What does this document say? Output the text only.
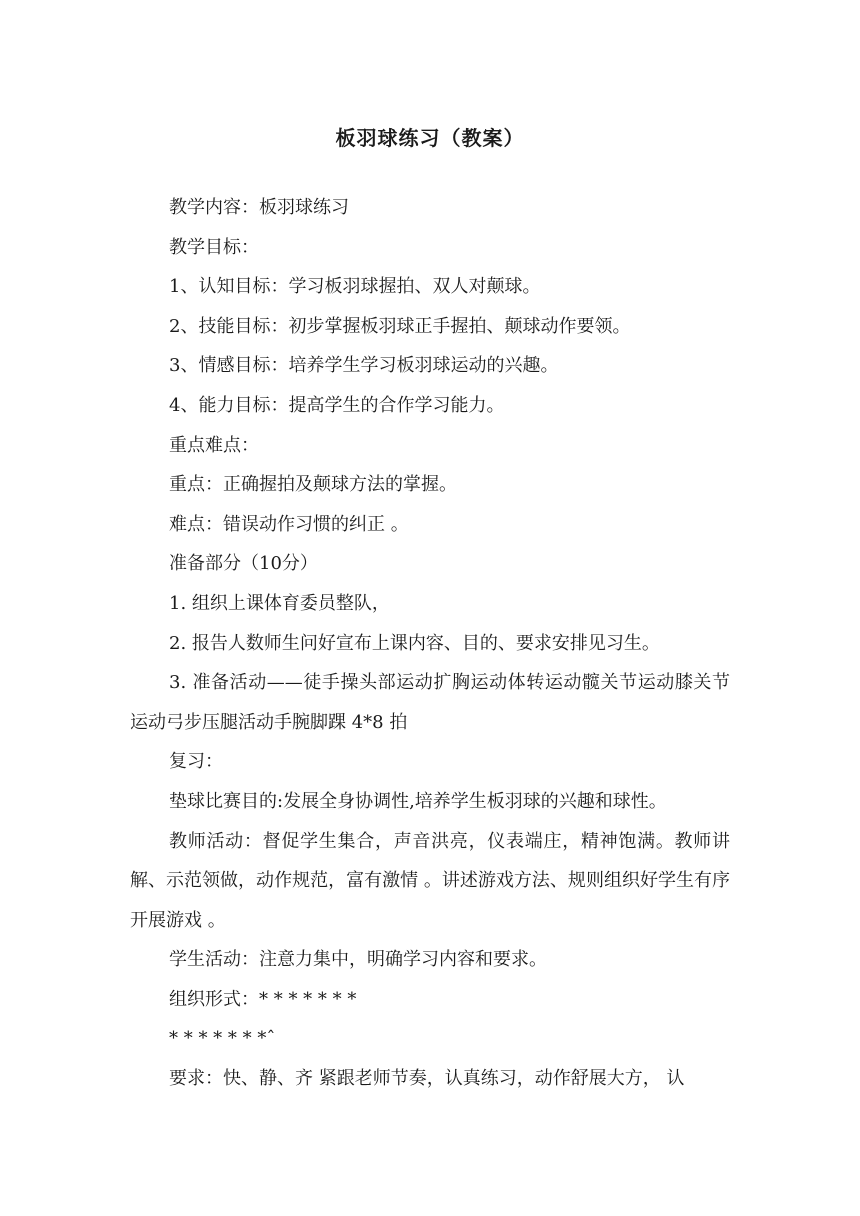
板羽球练习（教案）

教学内容：板羽球练习

教学目标：

1、认知目标：学习板羽球握拍、双人对颠球。

2、技能目标：初步掌握板羽球正手握拍、颠球动作要领。

3、情感目标：培养学生学习板羽球运动的兴趣。

4、能力目标：提高学生的合作学习能力。

重点难点：

重点：正确握拍及颠球方法的掌握。

难点：错误动作习惯的纠正 。

准备部分（10分）

1. 组织上课体育委员整队，

2. 报告人数师生问好宣布上课内容、目的、要求安排见习生。

3. 准备活动——徒手操头部运动扩胸运动体转运动髋关节运动膝关节运动弓步压腿活动手腕脚踝 4*8 拍

复习：

垫球比赛目的:发展全身协调性,培养学生板羽球的兴趣和球性。

教师活动：督促学生集合，声音洪亮，仪表端庄，精神饱满。教师讲解、示范领做，动作规范，富有激情 。讲述游戏方法、规则组织好学生有序开展游戏 。

学生活动：注意力集中，明确学习内容和要求。

组织形式：* * * * * * *

* * * * * * *ˆ

要求：快、静、齐 紧跟老师节奏，认真练习，动作舒展大方， 认
